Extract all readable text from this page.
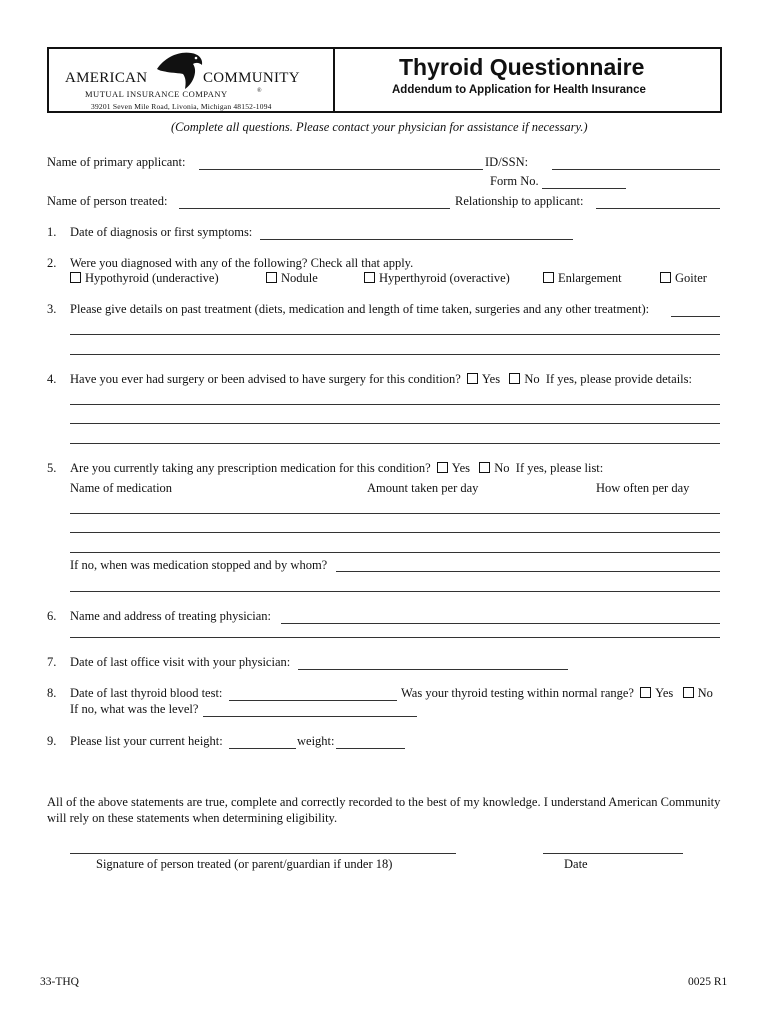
AMERICAN	COMMUNITY
MUTUAL INSURANCE COMPANY	®
39201 Seven Mile Road, Livonia, Michigan 48152-1094
Thyroid Questionnaire
Addendum to Application for Health Insurance
(Complete all questions. Please contact your physician for assistance if necessary.)
Name of primary applicant:	ID/SSN:
Form No.
Name of person treated:	Relationship to applicant:
1. Date of diagnosis or first symptoms:
2. Were you diagnosed with any of the following? Check all that apply.
Hypothyroid (underactive)	Nodule	Hyperthyroid (overactive)	Enlargement	Goiter
3. Please give details on past treatment (diets, medication and length of time taken, surgeries and any other treatment):
4. Have you ever had surgery or been advised to have surgery for this condition? Yes No If yes, please provide details:
5. Are you currently taking any prescription medication for this condition? Yes No If yes, please list:
Name of medication	Amount taken per day	How often per day
If no, when was medication stopped and by whom?
6. Name and address of treating physician:
7. Date of last office visit with your physician:
8. Date of last thyroid blood test:	Was your thyroid testing within normal range? Yes No
If no, what was the level?
9. Please list your current height:	weight:
All of the above statements are true, complete and correctly recorded to the best of my knowledge. I understand American Community
will rely on these statements when determining eligibility.
Signature of person treated (or parent/guardian if under 18)	Date
33-THQ	0025 R1
